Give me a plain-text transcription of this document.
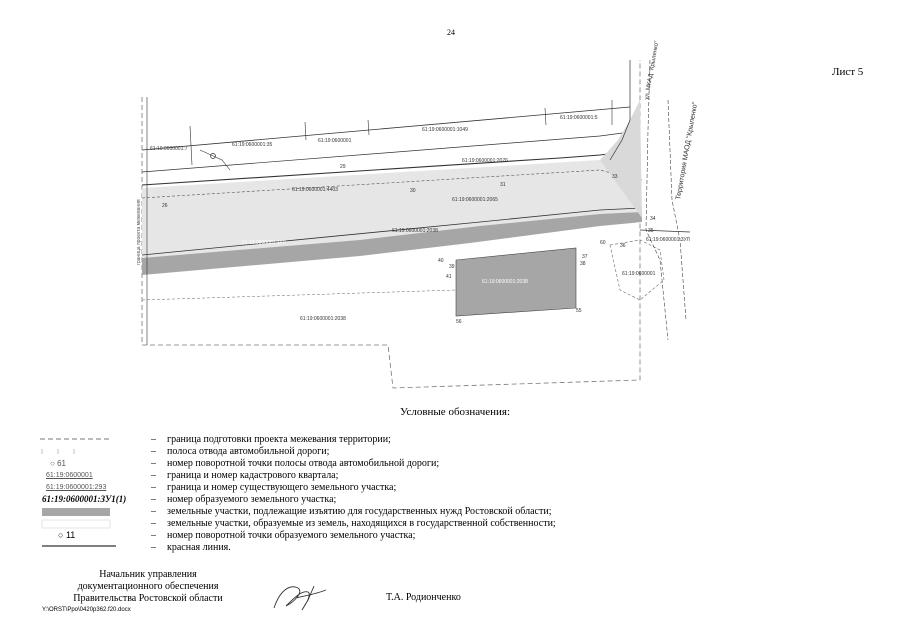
24
Лист 5
ул. МКАД "Крыленко"
Территория МАОД "Крыленко"
граница проекта межевания
61:19:0600001:7
61:19:0600001:35
61:19:0600001
61:19:0600001:1049
61:19:0600001:5
61:19:0600001:2076
61:19:0600001:4403
61:19:0600001:2065
61:19:0600001:3УЛ	61:19:0600001:3УЛ
61:19:0600001:2038
61:19:0600001:2038
61:19:0600001
61:19:0600001:2038
26
29
30
31
33
34
35
36
37
38
39
40
41
60
55
56
Условные обозначения:
– граница подготовки проекта межевания территории;
– полоса отвода автомобильной дороги;
○ 61	– номер поворотной точки полосы отвода автомобильной дороги;
61:19:0600001	– граница и номер кадастрового квартала;
61:19:0600001:293	– граница и номер существующего земельного участка;
61:19:0600001:ЗУ1(1) – номер образуемого земельного участка;
– земельные участки, подлежащие изъятию для государственных нужд Ростовской области;
– земельные участки, образуемые из земель, находящихся в государственной собственности;
○ 11	– номер поворотной точки образуемого земельного участка;
– красная линия.
Начальник управления
документационного обеспечения
Правительства Ростовской области	Т.А. Родионченко
Y:\ORST\Ppo\0420p362.f20.docx
